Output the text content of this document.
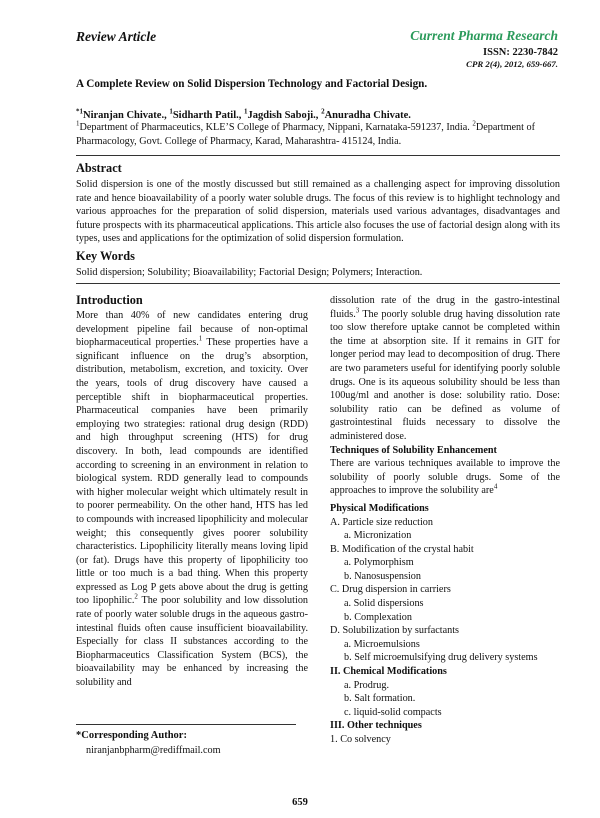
Review Article	Current Pharma Research
ISSN: 2230-7842
CPR 2(4), 2012, 659-667.
A Complete Review on Solid Dispersion Technology and Factorial Design.
$^{*1}$Niranjan Chivate., $^1$Sidharth Patil., $^1$Jagdish Saboji., $^2$Anuradha Chivate.
$^1$Department of Pharmaceutics, KLE’S College of Pharmacy, Nippani, Karnataka-591237, India. $^2$Department of Pharmacology, Govt. College of Pharmacy, Karad, Maharashtra- 415124, India.
Abstract
Solid dispersion is one of the mostly discussed but still remained as a challenging aspect for improving dissolution rate and hence bioavailability of a poorly water soluble drugs. The focus of this review is to highlight technology and various approaches for the preparation of solid dispersion, materials used various advantages, disadvantages and future prospects with its pharmaceutical applications. This article also focuses the use of factorial design along with its types, uses and applications for the optimization of solid dispersion formulation.
Key Words
Solid dispersion; Solubility; Bioavailability; Factorial Design; Polymers; Interaction.
Introduction
More than 40% of new candidates entering drug development pipeline fail because of non-optimal biopharmaceutical properties.$^1$ These properties have a significant influence on the drug’s absorption, distribution, metabolism, excretion, and toxicity. Over the years, tools of drug discovery have caused a perceptible shift in biopharmaceutical properties. Pharmaceutical companies have been primarily employing two strategies: rational drug design (RDD) and high throughput screening (HTS) for drug discovery. In both, lead compounds are identified according to screening in an environment in relation to biological system. RDD generally lead to compounds with higher molecular weight which ultimately result in to poorer permeability. On the other hand, HTS has led to compounds with increased lipophilicity and molecular weight; this consequently gives poorer solubility characteristics. Lipophilicity literally means loving lipid (or fat). Drugs have this property of lipophilicity too little or too much is a bad thing. When this property expressed as Log P gets above about the drug is getting too lipophilic.$^2$ The poor solubility and low dissolution rate of poorly water soluble drugs in the aqueous gastro-intestinal fluids often cause insufficient bioavailability. Especially for class II substances according to the Biopharmaceutics Classification System (BCS), the bioavailability may be enhanced by increasing the solubility and
dissolution rate of the drug in the gastro-intestinal fluids.$^3$ The poorly soluble drug having dissolution rate too slow therefore uptake cannot be completed within the time at absorption site. If it remains in GIT for longer period may lead to decomposition of drug. There are two parameters useful for identifying poorly soluble drugs. One is its aqueous solubility should be less than 100ug/ml and another is dose: solubility ratio. Dose: solubility ratio can be defined as volume of gastrointestinal fluids necessary to dissolve the administered dose.
Techniques of Solubility Enhancement
There are various techniques available to improve the solubility of poorly soluble drugs. Some of the approaches to improve the solubility are$^4$
Physical Modifications

A. Particle size reduction

a. Micronization

B. Modification of the crystal habit

a. Polymorphism

b. Nanosuspension

C. Drug dispersion in carriers

a. Solid dispersions

b. Complexation

D. Solubilization by surfactants

a. Microemulsions

b. Self microemulsifying drug delivery systems

II. Chemical Modifications

a. Prodrug.

b. Salt formation.

c. liquid-solid compacts

III. Other techniques

1. Co solvency

*Corresponding Author:
niranjanbpharm@rediffmail.com
659
